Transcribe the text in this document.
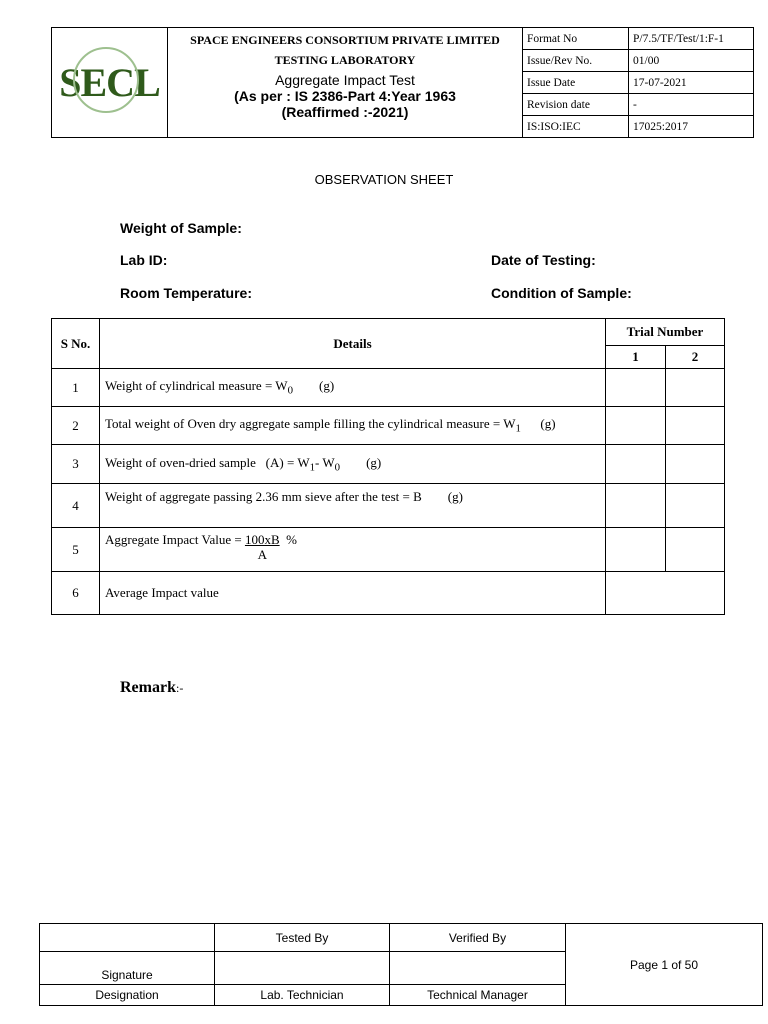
SECL	SPACE ENGINEERS CONSORTIUM PRIVATE LIMITED
TESTING LABORATORY
Aggregate Impact Test
(As per : IS 2386-Part 4:Year 1963
(Reaffirmed :-2021)	Format No	P/7.5/TF/Test/1:F-1
		Issue/Rev No.	01/00
		Issue Date	17-07-2021
		Revision date	-
		IS:ISO:IEC	17025:2017
OBSERVATION SHEET
Weight of Sample:
Lab ID:	Date of Testing:
Room Temperature:	Condition of Sample:
S No.	Details	Trial Number	
		1	2
1	Weight of cylindrical measure = $W_0$        (g)		
2	Total weight of Oven dry aggregate sample filling the cylindrical measure = $W_1$      (g)		
3	Weight of oven-dried sample   $(A) = W_1-$ $W_0$        (g)		
4	Weight of aggregate passing 2.36 mm sieve after the test = B        (g)		
5	Aggregate Impact Value = $\frac{100xB}{A}$ %		
6	Average Impact value		
Remark:-
	Tested By	Verified By	Page 1 of 50
Signature			
Designation	Lab. Technician	Technical Manager	
